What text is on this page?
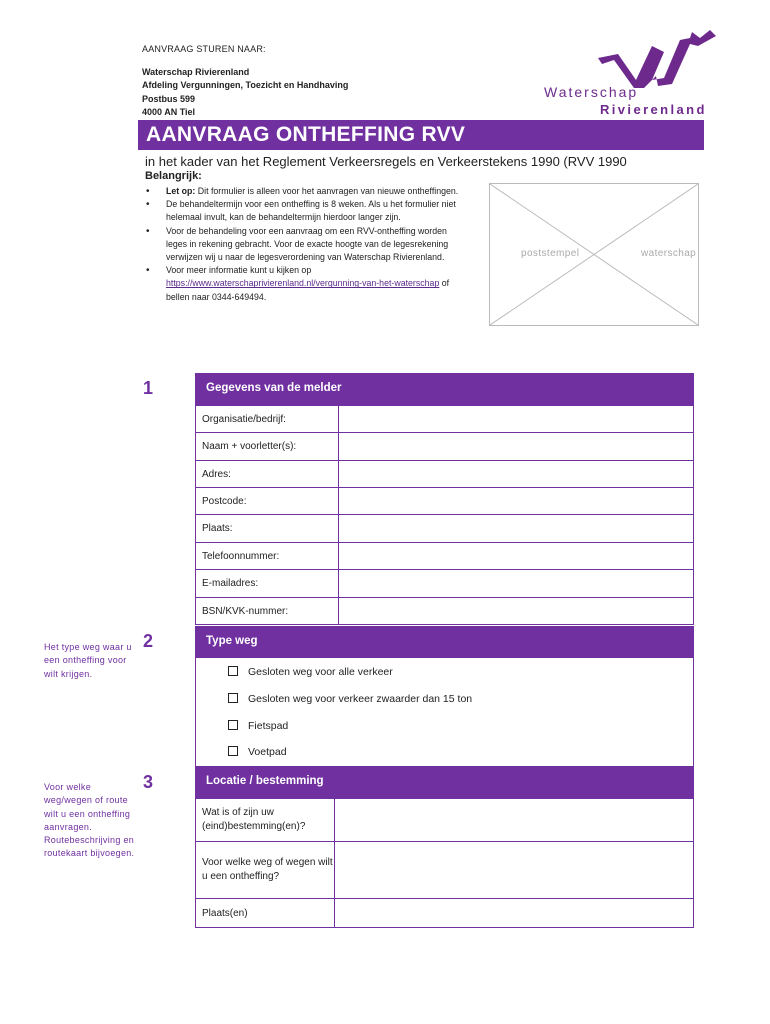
AANVRAAG STUREN NAAR:
Waterschap Rivierenland
Afdeling Vergunningen, Toezicht en Handhaving
Postbus 599
4000 AN Tiel
Waterschap
Rivierenland
AANVRAAG ONTHEFFING RVV
in het kader van het Reglement Verkeersregels en Verkeerstekens 1990 (RVV 1990
Belangrijk:
• Let op: Dit formulier is alleen voor het aanvragen van nieuwe ontheffingen.
• De behandeltermijn voor een ontheffing is 8 weken. Als u het formulier niet helemaal invult, kan de behandeltermijn hierdoor langer zijn.
• Voor de behandeling voor een aanvraag om een RVV-ontheffing worden leges in rekening gebracht. Voor de exacte hoogte van de legesrekening verwijzen wij u naar de legesverordening van Waterschap Rivierenland.
• Voor meer informatie kunt u kijken op https://www.waterschaprivierenland.nl/vergunning-van-het-waterschap of bellen naar 0344-649494.
poststempel	waterschap
1	Gegevens van de melder
Organisatie/bedrijf:	
Naam + voorletter(s):	
Adres:	
Postcode:	
Plaats:	
Telefoonnummer:	
E-mailadres:	
BSN/KVK-nummer:	
Het type weg waar u een ontheffing voor wilt krijgen.
2	Type weg
Gesloten weg voor alle verkeer
Gesloten weg voor verkeer zwaarder dan 15 ton
Fietspad
Voetpad
Voor welke weg/wegen of route wilt u een ontheffing aanvragen. Routebeschrijving en routekaart bijvoegen.
3	Locatie / bestemming
Wat is of zijn uw (eind)bestemming(en)?	
Voor welke weg of wegen wilt u een ontheffing?	
Plaats(en)	
